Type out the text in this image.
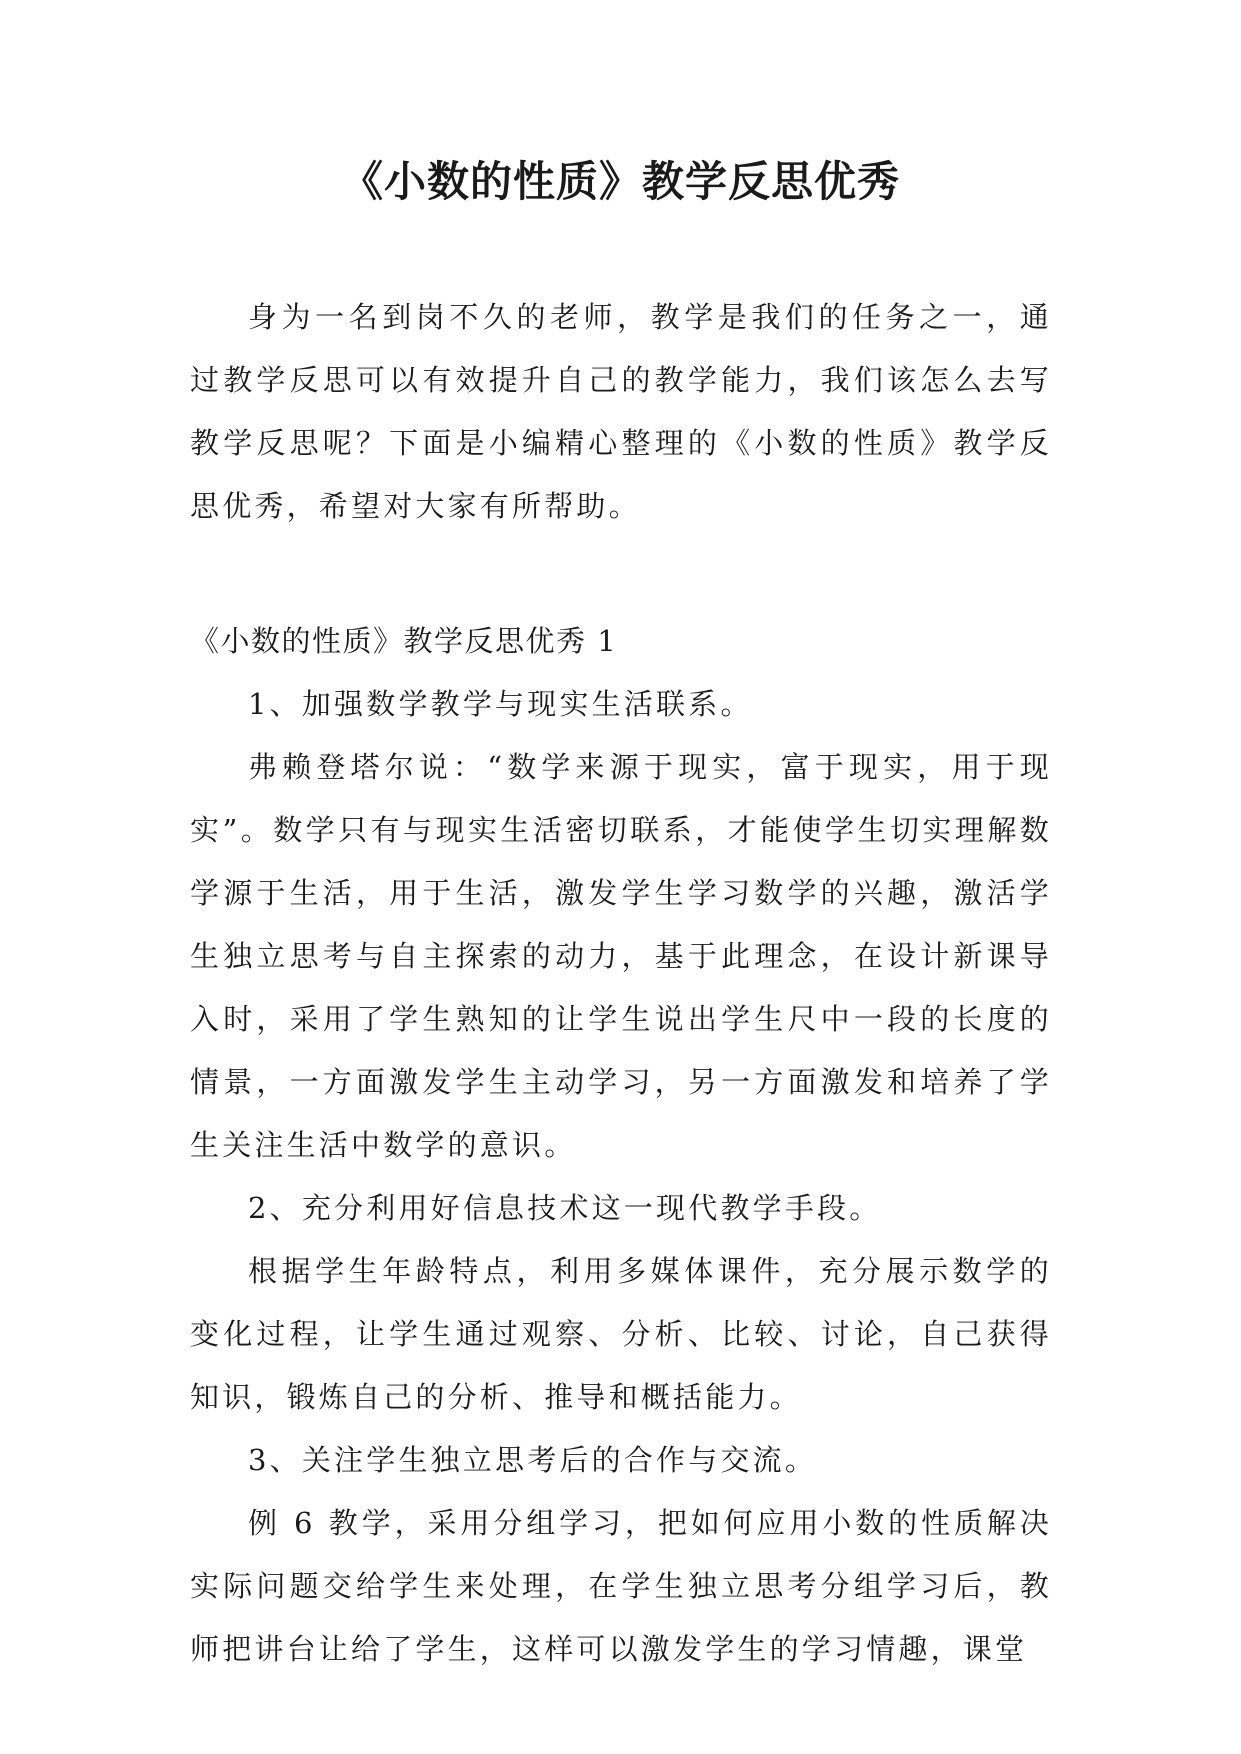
《小数的性质》教学反思优秀

身为一名到岗不久的老师，教学是我们的任务之一，通过教学反思可以有效提升自己的教学能力，我们该怎么去写教学反思呢？下面是小编精心整理的《小数的性质》教学反思优秀，希望对大家有所帮助。

《小数的性质》教学反思优秀 1

1、加强数学教学与现实生活联系。

弗赖登塔尔说：“数学来源于现实，富于现实，用于现实”。数学只有与现实生活密切联系，才能使学生切实理解数学源于生活，用于生活，激发学生学习数学的兴趣，激活学生独立思考与自主探索的动力，基于此理念，在设计新课导入时，采用了学生熟知的让学生说出学生尺中一段的长度的情景，一方面激发学生主动学习，另一方面激发和培养了学生关注生活中数学的意识。

2、充分利用好信息技术这一现代教学手段。

根据学生年龄特点，利用多媒体课件，充分展示数学的变化过程，让学生通过观察、分析、比较、讨论，自己获得知识，锻炼自己的分析、推导和概括能力。

3、关注学生独立思考后的合作与交流。

例 6 教学，采用分组学习，把如何应用小数的性质解决实际问题交给学生来处理，在学生独立思考分组学习后，教师把讲台让给了学生，这样可以激发学生的学习情趣，课堂
